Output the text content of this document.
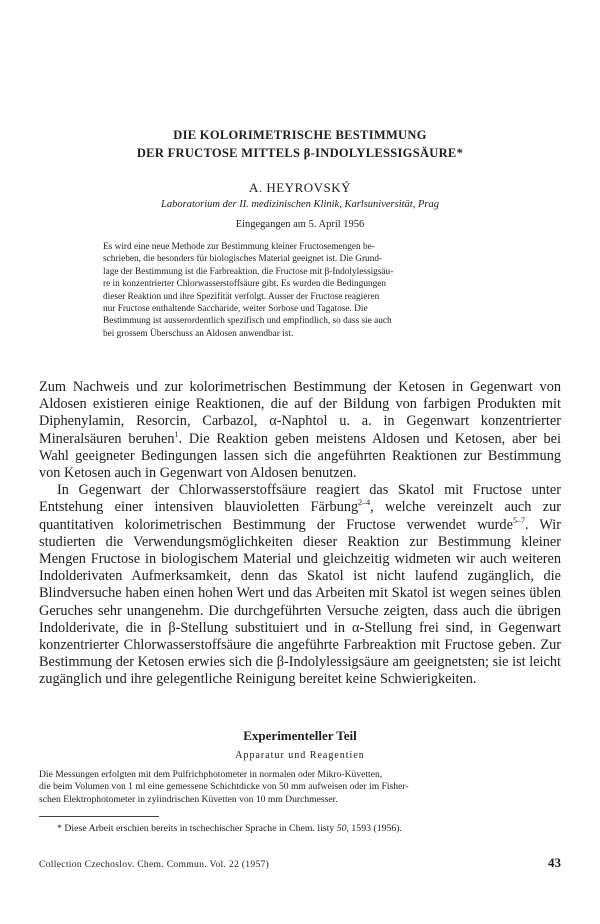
DIE KOLORIMETRISCHE BESTIMMUNG
DER FRUCTOSE MITTELS β-INDOLYLESSIGSÄURE*
A. HEYROVSKÝ
Laboratorium der II. medizinischen Klinik, Karlsuniversität, Prag
Eingegangen am 5. April 1956
Es wird eine neue Methode zur Bestimmung kleiner Fructosemengen be-
schrieben, die besonders für biologisches Material geeignet ist. Die Grund-
lage der Bestimmung ist die Farbreaktion, die Fructose mit β-Indolylessigsäu-
re in konzentrierter Chlorwasserstoffsäure gibt. Es wurden die Bedingungen
dieser Reaktion und ihre Spezifität verfolgt. Ausser der Fructose reagieren
nur Fructose enthaltende Saccharide, weiter Sorbose und Tagatose. Die
Bestimmung ist ausserordentlich spezifisch und empfindlich, so dass sie auch
bei grossem Überschuss an Aldosen anwendbar ist.

Zum Nachweis und zur kolorimetrischen Bestimmung der Ketosen in Gegenwart von Aldosen existieren einige Reaktionen, die auf der Bildung von farbigen Produkten mit Diphenylamin, Resorcin, Carbazol, α-Naphtol u. a. in Gegenwart konzentrierter Mineralsäuren beruhen$^1$. Die Reaktion geben meistens Aldosen und Ketosen, aber bei Wahl geeigneter Bedingungen lassen sich die angeführten Reaktionen zur Bestimmung von Ketosen auch in Gegenwart von Aldosen benutzen.

In Gegenwart der Chlorwasserstoffsäure reagiert das Skatol mit Fructose unter Entstehung einer intensiven blauvioletten Färbung$^{2-4}$, welche vereinzelt auch zur quantitativen kolorimetrischen Bestimmung der Fructose verwendet wurde$^{5-7}$. Wir studierten die Verwendungsmöglichkeiten dieser Reaktion zur Bestimmung kleiner Mengen Fructose in biologischem Material und gleichzeitig widmeten wir auch weiteren Indolderivaten Aufmerksamkeit, denn das Skatol ist nicht laufend zugänglich, die Blindversuche haben einen hohen Wert und das Arbeiten mit Skatol ist wegen seines üblen Geruches sehr unangenehm. Die durchgeführten Versuche zeigten, dass auch die übrigen Indolderivate, die in β-Stellung substituiert und in α-Stellung frei sind, in Gegenwart konzentrierter Chlorwasserstoffsäure die angeführte Farbreaktion mit Fructose geben. Zur Bestimmung der Ketosen erwies sich die β-Indolylessigsäure am geeignetsten; sie ist leicht zugänglich und ihre gelegentliche Reinigung bereitet keine Schwierigkeiten.

Experimenteller Teil
Apparatur und Reagentien
Die Messungen erfolgten mit dem Pulfrichphotometer in normalen oder Mikro-Küvetten,
die beim Volumen von 1 ml eine gemessene Schichtdicke von 50 mm aufweisen oder im Fisher-
schen Elektrophotometer in zylindrischen Küvetten von 10 mm Durchmesser.
* Diese Arbeit erschien bereits in tschechischer Sprache in Chem. listy 50, 1593 (1956).
Collection Czechoslov. Chem. Commun. Vol. 22 (1957)	43
